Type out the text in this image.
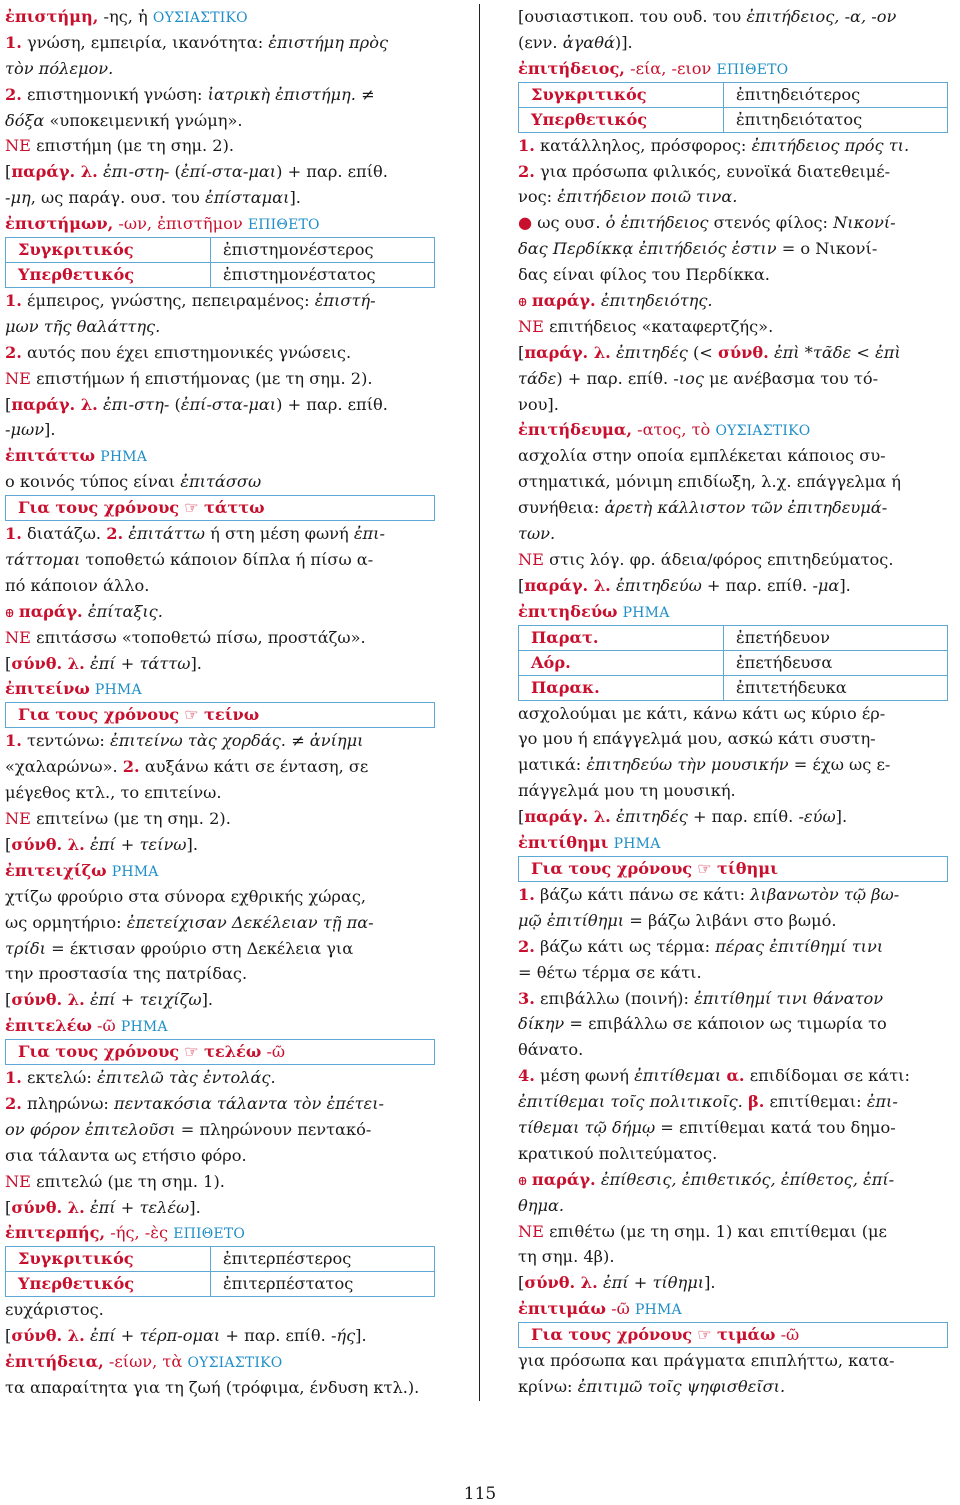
ἐπιστήμη, -ης, ἡ ΟΥΣΙΑΣΤΙΚΟ
1. γνώση, εμπειρία, ικανότητα: ἐπιστήμη πρὸς
τὸν πόλεμον.
2. επιστημονική γνώση: ἰατρικὴ ἐπιστήμη. ≠
δόξα «υποκειμενική γνώμη».
ΝΕ επιστήμη (με τη σημ. 2).
[παράγ. λ. ἐπι-στη- (ἐπί-στα-μαι) + παρ. επίθ.
-μη, ως παράγ. ουσ. του ἐπίσταμαι].
ἐπιστήμων, -ων, ἐπιστῆμον ΕΠΙΘΕΤΟ
Συγκριτικός	ἐπιστημονέστερος
Υπερθετικός	ἐπιστημονέστατος
1. έμπειρος, γνώστης, πεπειραμένος: ἐπιστή-
μων τῆς θαλάττης.
2. αυτός που έχει επιστημονικές γνώσεις.
ΝΕ επιστήμων ή επιστήμονας (με τη σημ. 2).
[παράγ. λ. ἐπι-στη- (ἐπί-στα-μαι) + παρ. επίθ.
-μων].
ἐπιτάττω ΡΗΜΑ
ο κοινός τύπος είναι ἐπιτάσσω
Για τους χρόνους ☞ τάττω
1. διατάζω. 2. ἐπιτάττω ή στη μέση φωνή ἐπι-
τάττομαι τοποθετώ κάποιον δίπλα ή πίσω α-
πό κάποιον άλλο.
ꚛ παράγ. ἐπίταξις.
ΝΕ επιτάσσω «τοποθετώ πίσω, προστάζω».
[σύνθ. λ. ἐπί + τάττω].
ἐπιτείνω ΡΗΜΑ
Για τους χρόνους ☞ τείνω
1. τεντώνω: ἐπιτείνω τὰς χορδάς. ≠ ἀνίημι
«χαλαρώνω». 2. αυξάνω κάτι σε ένταση, σε
μέγεθος κτλ., το επιτείνω.
ΝΕ επιτείνω (με τη σημ. 2).
[σύνθ. λ. ἐπί + τείνω].
ἐπιτειχίζω ΡΗΜΑ
χτίζω φρούριο στα σύνορα εχθρικής χώρας,
ως ορμητήριο: ἐπετείχισαν Δεκέλειαν τῇ πα-
τρίδι = έκτισαν φρούριο στη Δεκέλεια για
την προστασία της πατρίδας.
[σύνθ. λ. ἐπί + τειχίζω].
ἐπιτελέω -ῶ ΡΗΜΑ
Για τους χρόνους ☞ τελέω -ῶ
1. εκτελώ: ἐπιτελῶ τὰς ἐντολάς.
2. πληρώνω: πεντακόσια τάλαντα τὸν ἐπέτει-
ον φόρον ἐπιτελοῦσι = πληρώνουν πεντακό-
σια τάλαντα ως ετήσιο φόρο.
ΝΕ επιτελώ (με τη σημ. 1).
[σύνθ. λ. ἐπί + τελέω].
ἐπιτερπής, -ής, -ὲς ΕΠΙΘΕΤΟ
Συγκριτικός	ἐπιτερπέστερος
Υπερθετικός	ἐπιτερπέστατος
ευχάριστος.
[σύνθ. λ. ἐπί + τέρπ-ομαι + παρ. επίθ. -ής].
ἐπιτήδεια, -είων, τὰ ΟΥΣΙΑΣΤΙΚΟ
τα απαραίτητα για τη ζωή (τρόφιμα, ένδυση κτλ.).
[ουσιαστικοπ. του ουδ. του ἐπιτήδειος, -α, -ον
(ενν. ἀγαθά)].
ἐπιτήδειος, -εία, -ειον ΕΠΙΘΕΤΟ
Συγκριτικός	ἐπιτηδειότερος
Υπερθετικός	ἐπιτηδειότατος
1. κατάλληλος, πρόσφορος: ἐπιτήδειος πρός τι.
2. για πρόσωπα φιλικός, ευνοϊκά διατεθειμέ-
νος: ἐπιτήδειον ποιῶ τινα.
● ως ουσ. ὁ ἐπιτήδειος στενός φίλος: Νικονί-
δας Περδίκκᾳ ἐπιτήδειός ἐστιν = ο Νικονί-
δας είναι φίλος του Περδίκκα.
ꚛ παράγ. ἐπιτηδειότης.
ΝΕ επιτήδειος «καταφερτζής».
[παράγ. λ. ἐπιτηδές (< σύνθ. ἐπὶ *τᾶδε < ἐπὶ
τάδε) + παρ. επίθ. -ιος με ανέβασμα του τό-
νου].
ἐπιτήδευμα, -ατος, τὸ ΟΥΣΙΑΣΤΙΚΟ
ασχολία στην οποία εμπλέκεται κάποιος συ-
στηματικά, μόνιμη επιδίωξη, λ.χ. επάγγελμα ή
συνήθεια: ἀρετὴ κάλλιστον τῶν ἐπιτηδευμά-
των.
ΝΕ στις λόγ. φρ. άδεια/φόρος επιτηδεύματος.
[παράγ. λ. ἐπιτηδεύω + παρ. επίθ. -μα].
ἐπιτηδεύω ΡΗΜΑ
Παρατ.	ἐπετήδευον
Αόρ.	ἐπετήδευσα
Παρακ.	ἐπιτετήδευκα
ασχολούμαι με κάτι, κάνω κάτι ως κύριο έρ-
γο μου ή επάγγελμά μου, ασκώ κάτι συστη-
ματικά: ἐπιτηδεύω τὴν μουσικήν = έχω ως ε-
πάγγελμά μου τη μουσική.
[παράγ. λ. ἐπιτηδές + παρ. επίθ. -εύω].
ἐπιτίθημι ΡΗΜΑ
Για τους χρόνους ☞ τίθημι
1. βάζω κάτι πάνω σε κάτι: λιβανωτὸν τῷ βω-
μῷ ἐπιτίθημι = βάζω λιβάνι στο βωμό.
2. βάζω κάτι ως τέρμα: πέρας ἐπιτίθημί τινι
= θέτω τέρμα σε κάτι.
3. επιβάλλω (ποινή): ἐπιτίθημί τινι θάνατον
δίκην = επιβάλλω σε κάποιον ως τιμωρία το
θάνατο.
4. μέση φωνή ἐπιτίθεμαι α. επιδίδομαι σε κάτι:
ἐπιτίθεμαι τοῖς πολιτικοῖς. β. επιτίθεμαι: ἐπι-
τίθεμαι τῷ δήμῳ = επιτίθεμαι κατά του δημο-
κρατικού πολιτεύματος.
ꚛ παράγ. ἐπίθεσις, ἐπιθετικός, ἐπίθετος, ἐπί-
θημα.
ΝΕ επιθέτω (με τη σημ. 1) και επιτίθεμαι (με
τη σημ. 4β).
[σύνθ. λ. ἐπί + τίθημι].
ἐπιτιμάω -ῶ ΡΗΜΑ
Για τους χρόνους ☞ τιμάω -ῶ
για πρόσωπα και πράγματα επιπλήττω, κατα-
κρίνω: ἐπιτιμῶ τοῖς ψηφισθεῖσι.
115
